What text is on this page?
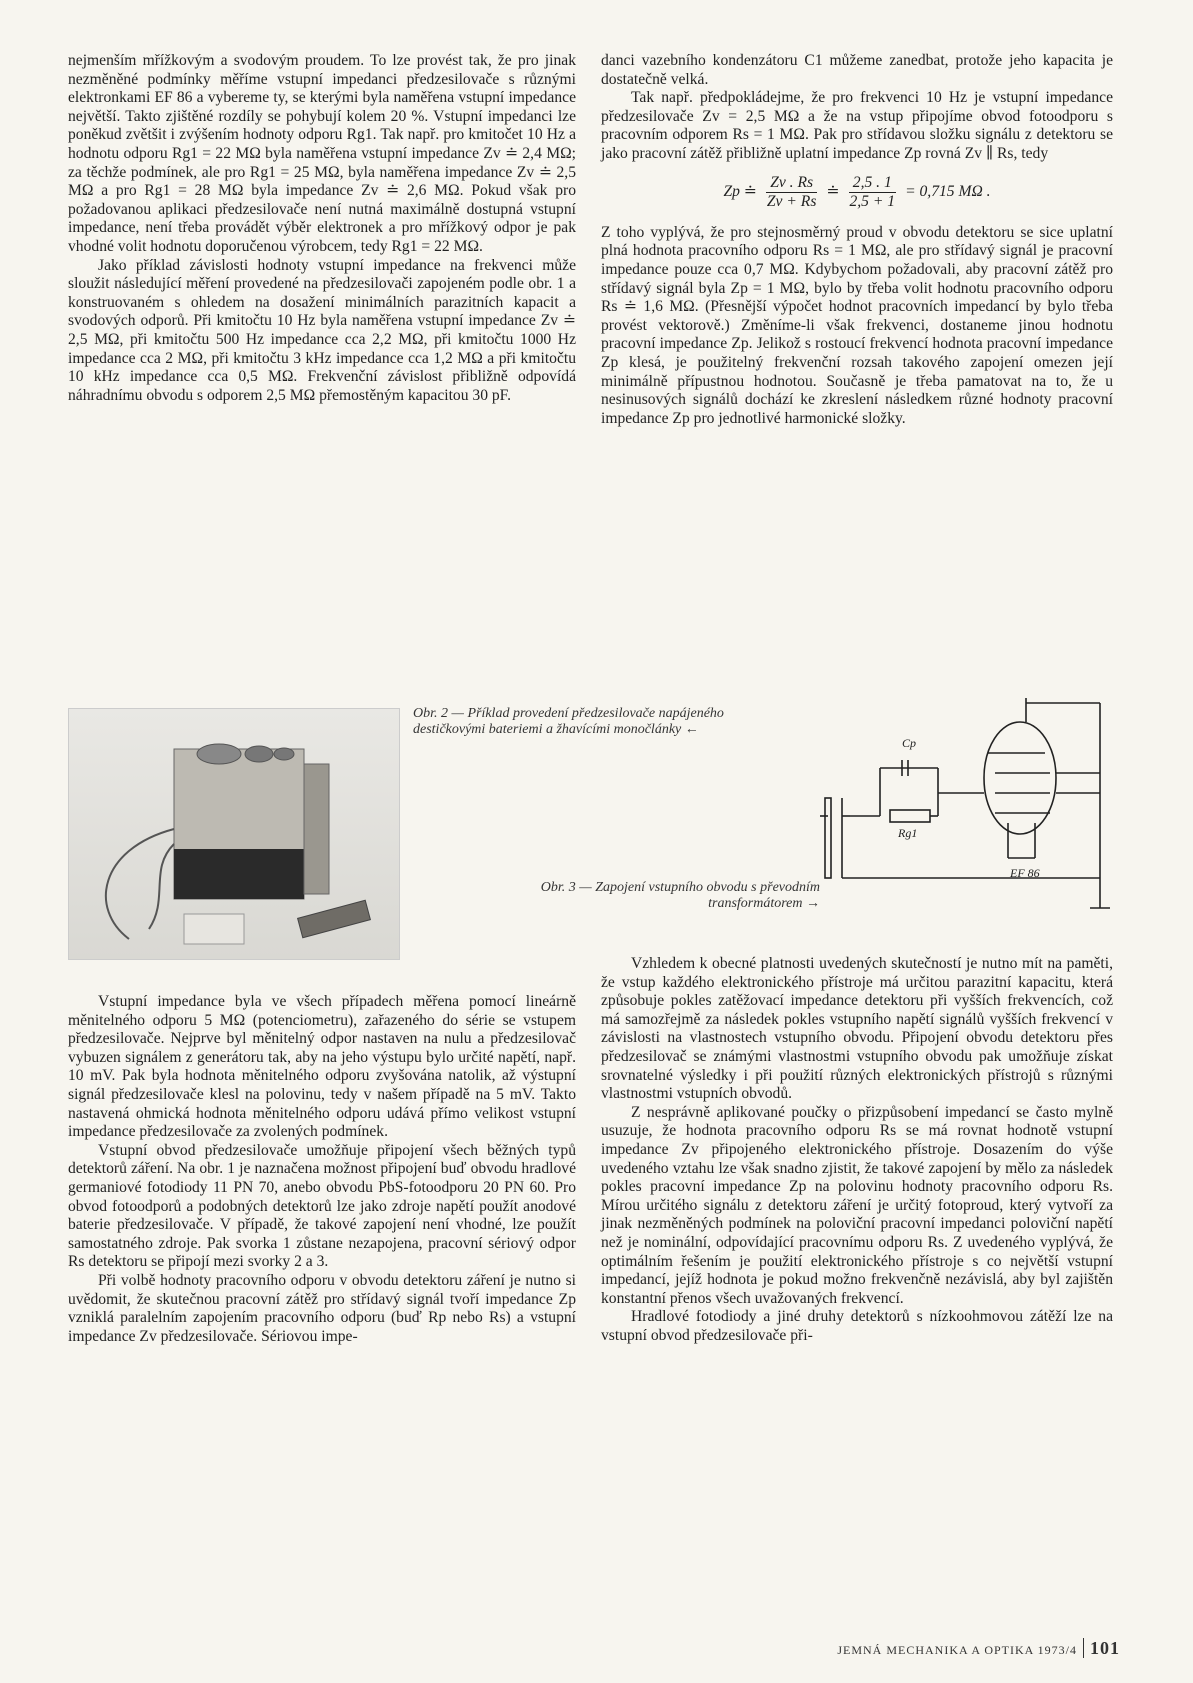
nejmenším mřížkovým a svodovým proudem. To lze provést tak, že pro jinak nezměněné podmínky měříme vstupní impedanci předzesilovače s různými elektronkami EF 86 a vybereme ty, se kterými byla naměřena vstupní impedance největší. Takto zjištěné rozdíly se pohybují kolem 20 %. Vstupní impedanci lze poněkud zvětšit i zvýšením hodnoty odporu Rg1. Tak např. pro kmitočet 10 Hz a hodnotu odporu Rg1 = 22 MΩ byla naměřena vstupní impedance Zv ≐ 2,4 MΩ; za těchže podmínek, ale pro Rg1 = 25 MΩ, byla naměřena impedance Zv ≐ 2,5 MΩ a pro Rg1 = 28 MΩ byla impedance Zv ≐ 2,6 MΩ. Pokud však pro požadovanou aplikaci předzesilovače není nutná maximálně dostupná vstupní impedance, není třeba provádět výběr elektronek a pro mřížkový odpor je pak vhodné volit hodnotu doporučenou výrobcem, tedy Rg1 = 22 MΩ.

Jako příklad závislosti hodnoty vstupní impedance na frekvenci může sloužit následující měření provedené na předzesilovači zapojeném podle obr. 1 a konstruovaném s ohledem na dosažení minimálních parazitních kapacit a svodových odporů. Při kmitočtu 10 Hz byla naměřena vstupní impedance Zv ≐ 2,5 MΩ, při kmitočtu 500 Hz impedance cca 2,2 MΩ, při kmitočtu 1000 Hz impedance cca 2 MΩ, při kmitočtu 3 kHz impedance cca 1,2 MΩ a při kmitočtu 10 kHz impedance cca 0,5 MΩ. Frekvenční závislost přibližně odpovídá náhradnímu obvodu s odporem 2,5 MΩ přemostěným kapacitou 30 pF.

danci vazebního kondenzátoru C1 můžeme zanedbat, protože jeho kapacita je dostatečně velká.

Tak např. předpokládejme, že pro frekvenci 10 Hz je vstupní impedance předzesilovače Zv = 2,5 MΩ a že na vstup připojíme obvod fotoodporu s pracovním odporem Rs = 1 MΩ. Pak pro střídavou složku signálu z detektoru se jako pracovní zátěž přibližně uplatní impedance Zp rovná Zv ∥ Rs, tedy

Zp ≐ $\frac{Zv . Rs}{Zv + Rs}$ ≐ $\frac{2,5 . 1}{2,5 + 1} = 0,715$ MΩ .

Z toho vyplývá, že pro stejnosměrný proud v obvodu detektoru se sice uplatní plná hodnota pracovního odporu Rs = 1 MΩ, ale pro střídavý signál je pracovní impedance pouze cca 0,7 MΩ. Kdybychom požadovali, aby pracovní zátěž pro střídavý signál byla Zp = 1 MΩ, bylo by třeba volit hodnotu pracovního odporu Rs ≐ 1,6 MΩ. (Přesnější výpočet hodnot pracovních impedancí by bylo třeba provést vektorově.) Změníme-li však frekvenci, dostaneme jinou hodnotu pracovní impedance Zp. Jelikož s rostoucí frekvencí hodnota pracovní impedance Zp klesá, je použitelný frekvenční rozsah takového zapojení omezen její minimálně přípustnou hodnotou. Současně je třeba pamatovat na to, že u nesinusových signálů dochází ke zkreslení následkem různé hodnoty pracovní impedance Zp pro jednotlivé harmonické složky.

Obr. 2 — Příklad provedení předzesilovače napájeného destičkovými bateriemi a žhavícími monočlánky ←
Cp
Rg1
EF 86
Obr. 3 — Zapojení vstupního obvodu s převodním transformátorem →

Vstupní impedance byla ve všech případech měřena pomocí lineárně měnitelného odporu 5 MΩ (potenciometru), zařazeného do série se vstupem předzesilovače. Nejprve byl měnitelný odpor nastaven na nulu a předzesilovač vybuzen signálem z generátoru tak, aby na jeho výstupu bylo určité napětí, např. 10 mV. Pak byla hodnota měnitelného odporu zvyšována natolik, až výstupní signál předzesilovače klesl na polovinu, tedy v našem případě na 5 mV. Takto nastavená ohmická hodnota měnitelného odporu udává přímo velikost vstupní impedance předzesilovače za zvolených podmínek.

Vstupní obvod předzesilovače umožňuje připojení všech běžných typů detektorů záření. Na obr. 1 je naznačena možnost připojení buď obvodu hradlové germaniové fotodiody 11 PN 70, anebo obvodu PbS-fotoodporu 20 PN 60. Pro obvod fotoodporů a podobných detektorů lze jako zdroje napětí použít anodové baterie předzesilovače. V případě, že takové zapojení není vhodné, lze použít samostatného zdroje. Pak svorka 1 zůstane nezapojena, pracovní sériový odpor Rs detektoru se připojí mezi svorky 2 a 3.

Při volbě hodnoty pracovního odporu v obvodu detektoru záření je nutno si uvědomit, že skutečnou pracovní zátěž pro střídavý signál tvoří impedance Zp vzniklá paralelním zapojením pracovního odporu (buď Rp nebo Rs) a vstupní impedance Zv předzesilovače. Sériovou impe-

Vzhledem k obecné platnosti uvedených skutečností je nutno mít na paměti, že vstup každého elektronického přístroje má určitou parazitní kapacitu, která způsobuje pokles zatěžovací impedance detektoru při vyšších frekvencích, což má samozřejmě za následek pokles vstupního napětí signálů vyšších frekvencí v závislosti na vlastnostech vstupního obvodu. Připojení obvodu detektoru přes předzesilovač se známými vlastnostmi vstupního obvodu pak umožňuje získat srovnatelné výsledky i při použití různých elektronických přístrojů s různými vlastnostmi vstupních obvodů.

Z nesprávně aplikované poučky o přizpůsobení impedancí se často mylně usuzuje, že hodnota pracovního odporu Rs se má rovnat hodnotě vstupní impedance Zv připojeného elektronického přístroje. Dosazením do výše uvedeného vztahu lze však snadno zjistit, že takové zapojení by mělo za následek pokles pracovní impedance Zp na polovinu hodnoty pracovního odporu Rs. Mírou určitého signálu z detektoru záření je určitý fotoproud, který vytvoří za jinak nezměněných podmínek na poloviční pracovní impedanci poloviční napětí než je nominální, odpovídající pracovnímu odporu Rs. Z uvedeného vyplývá, že optimálním řešením je použití elektronického přístroje s co největší vstupní impedancí, jejíž hodnota je pokud možno frekvenčně nezávislá, aby byl zajištěn konstantní přenos všech uvažovaných frekvencí.

Hradlové fotodiody a jiné druhy detektorů s nízkoohmovou zátěží lze na vstupní obvod předzesilovače při-

JEMNÁ MECHANIKA A OPTIKA 1973/4 101
